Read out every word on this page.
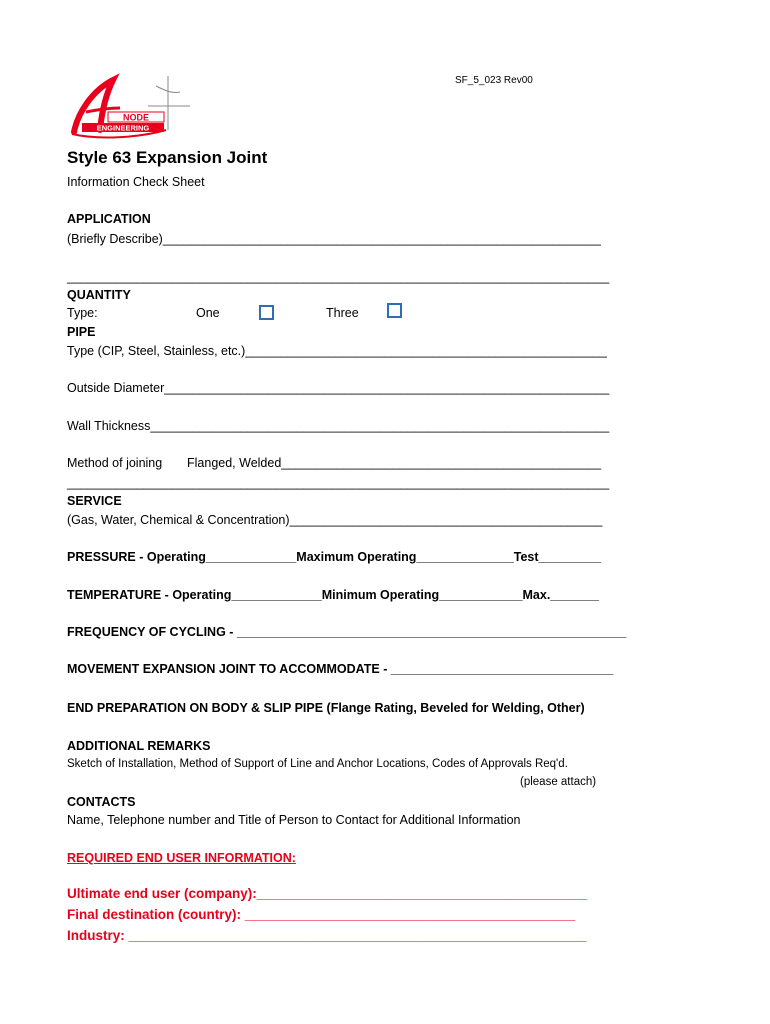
SF_5_023 Rev00
NODE
ENGINEERING
Style 63 Expansion Joint
Information Check Sheet
APPLICATION
(Briefly Describe)_______________________________________________________________
______________________________________________________________________________
QUANTITY
Type:	One	Three
PIPE
Type (CIP, Steel, Stainless, etc.)____________________________________________________
Outside Diameter________________________________________________________________
Wall Thickness__________________________________________________________________
Method of joining Flanged, Welded______________________________________________
______________________________________________________________________________
SERVICE
(Gas, Water, Chemical & Concentration)_____________________________________________
PRESSURE - Operating_____________Maximum Operating______________Test_________
TEMPERATURE - Operating_____________Minimum Operating____________Max._______
FREQUENCY OF CYCLING - ________________________________________________________
MOVEMENT EXPANSION JOINT TO ACCOMMODATE - ________________________________
END PREPARATION ON BODY & SLIP PIPE (Flange Rating, Beveled for Welding, Other)
ADDITIONAL REMARKS
Sketch of Installation, Method of Support of Line and Anchor Locations, Codes of Approvals Req'd.
(please attach)
CONTACTS
Name, Telephone number and Title of Person to Contact for Additional Information
REQUIRED END USER INFORMATION:
Ultimate end user (company):____________________________________________
Final destination (country): ____________________________________________
Industry: _____________________________________________________________
